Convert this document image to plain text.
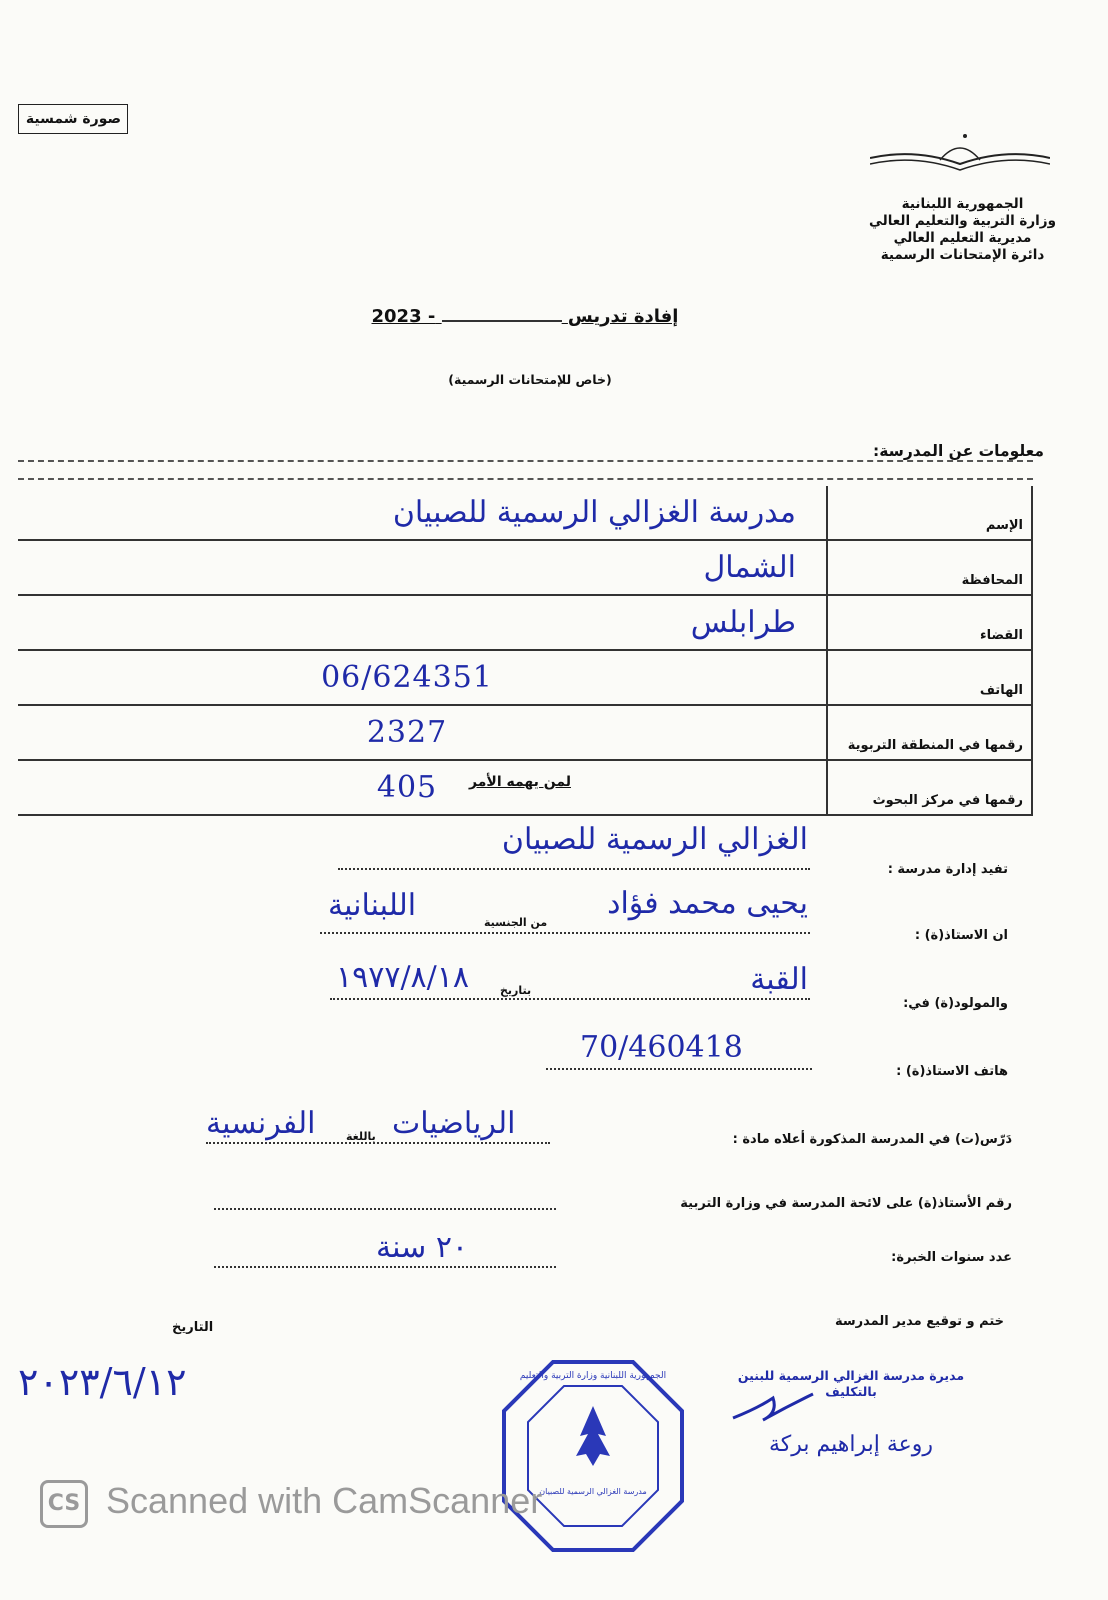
صورة شمسية
الجمهورية اللبنانية
وزارة التربية والتعليم العالي
مديرية التعليم العالي
دائرة الإمتحانات الرسمية
إفادة تدريس  2023 -
(خاص للإمتحانات الرسمية)
معلومات عن المدرسة:
الإسم	مدرسة الغزالي الرسمية للصبيان
المحافظة	الشمال
القضاء	طرابلس
الهاتف	06/624351
رقمها في المنطقة التربوية	2327
رقمها في مركز البحوث	405	لمن يهمه الأمر
تفيد إدارة مدرسة :
الغزالي الرسمية للصبيان
ان الاستاذ(ة) :
يحيى محمد فؤاد
من الجنسية
اللبنانية
والمولود(ة) في:
القبة
بتاريخ
١٩٧٧/٨/١٨
هاتف الاستاذ(ة) :
70/460418
دَرّس(ت) في المدرسة المذكورة أعلاه مادة :
الرياضيات
باللغة
الفرنسية
رقم الأستاذ(ة) على لائحة المدرسة في وزارة التربية
عدد سنوات الخبرة:
٢٠ سنة
ختم و توقيع مدير المدرسة
التاريخ
٢٠٢٣/٦/١٢	الجمهورية اللبنانية وزارة التربية والتعليم
مدرسة الغزالي الرسمية للصبيان
مديرة مدرسة الغزالي الرسمية للبنين
بالتكليف
روعة إبراهيم بركة
CS Scanned with CamScanner
